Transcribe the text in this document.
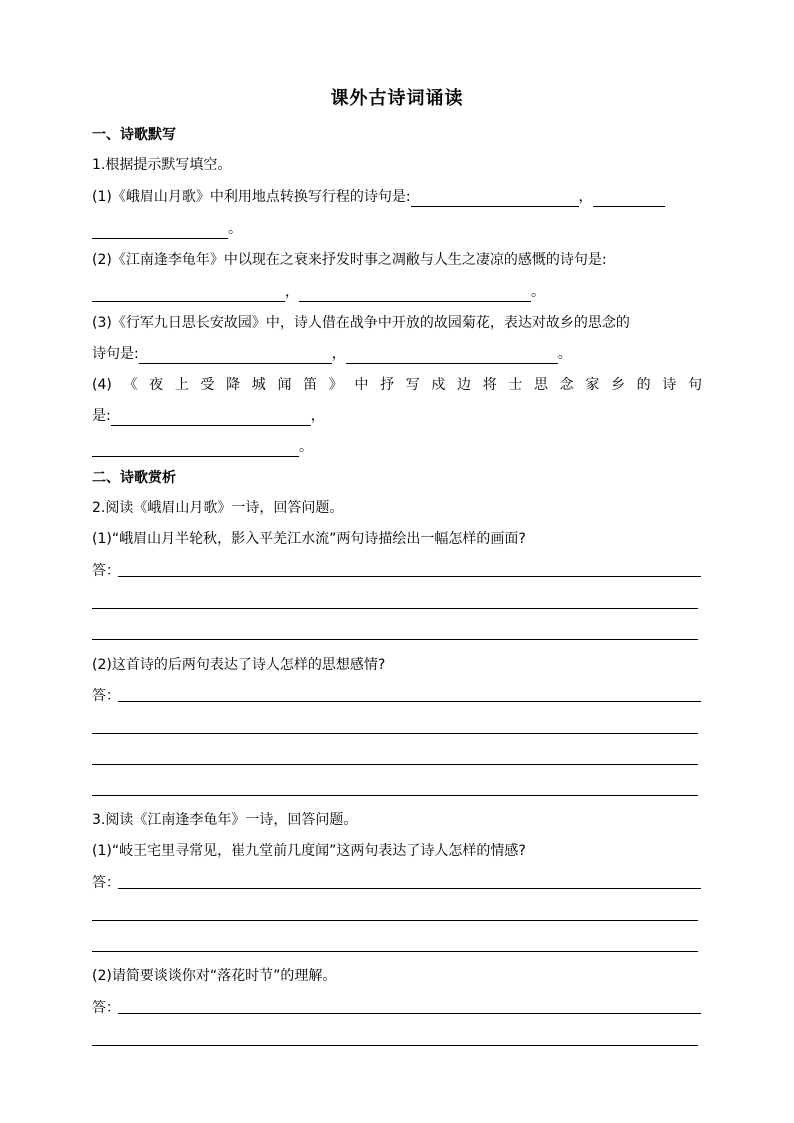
课外古诗词诵读
一、诗歌默写
1.根据提示默写填空。
(1)《峨眉山月歌》中利用地点转换写行程的诗句是:	，
。
(2)《江南逢李龟年》中以现在之衰来抒发时事之凋敝与人生之凄凉的感慨的诗句是:
，	。
(3)《行军九日思长安故园》中，诗人借在战争中开放的故园菊花，表达对故乡的思念的
诗句是:	，	。
(4) 《 夜 上 受 降 城 闻 笛 》 中 抒 写 戍 边 将 士 思 念 家 乡 的 诗 句
是:	，
。
二、诗歌赏析
2.阅读《峨眉山月歌》一诗，回答问题。
(1)“峨眉山月半轮秋，影入平羌江水流”两句诗描绘出一幅怎样的画面?
答：
(2)这首诗的后两句表达了诗人怎样的思想感情?
答：
3.阅读《江南逢李龟年》一诗，回答问题。
(1)“岐王宅里寻常见，崔九堂前几度闻”这两句表达了诗人怎样的情感?
答：
(2)请简要谈谈你对“落花时节”的理解。
答：
